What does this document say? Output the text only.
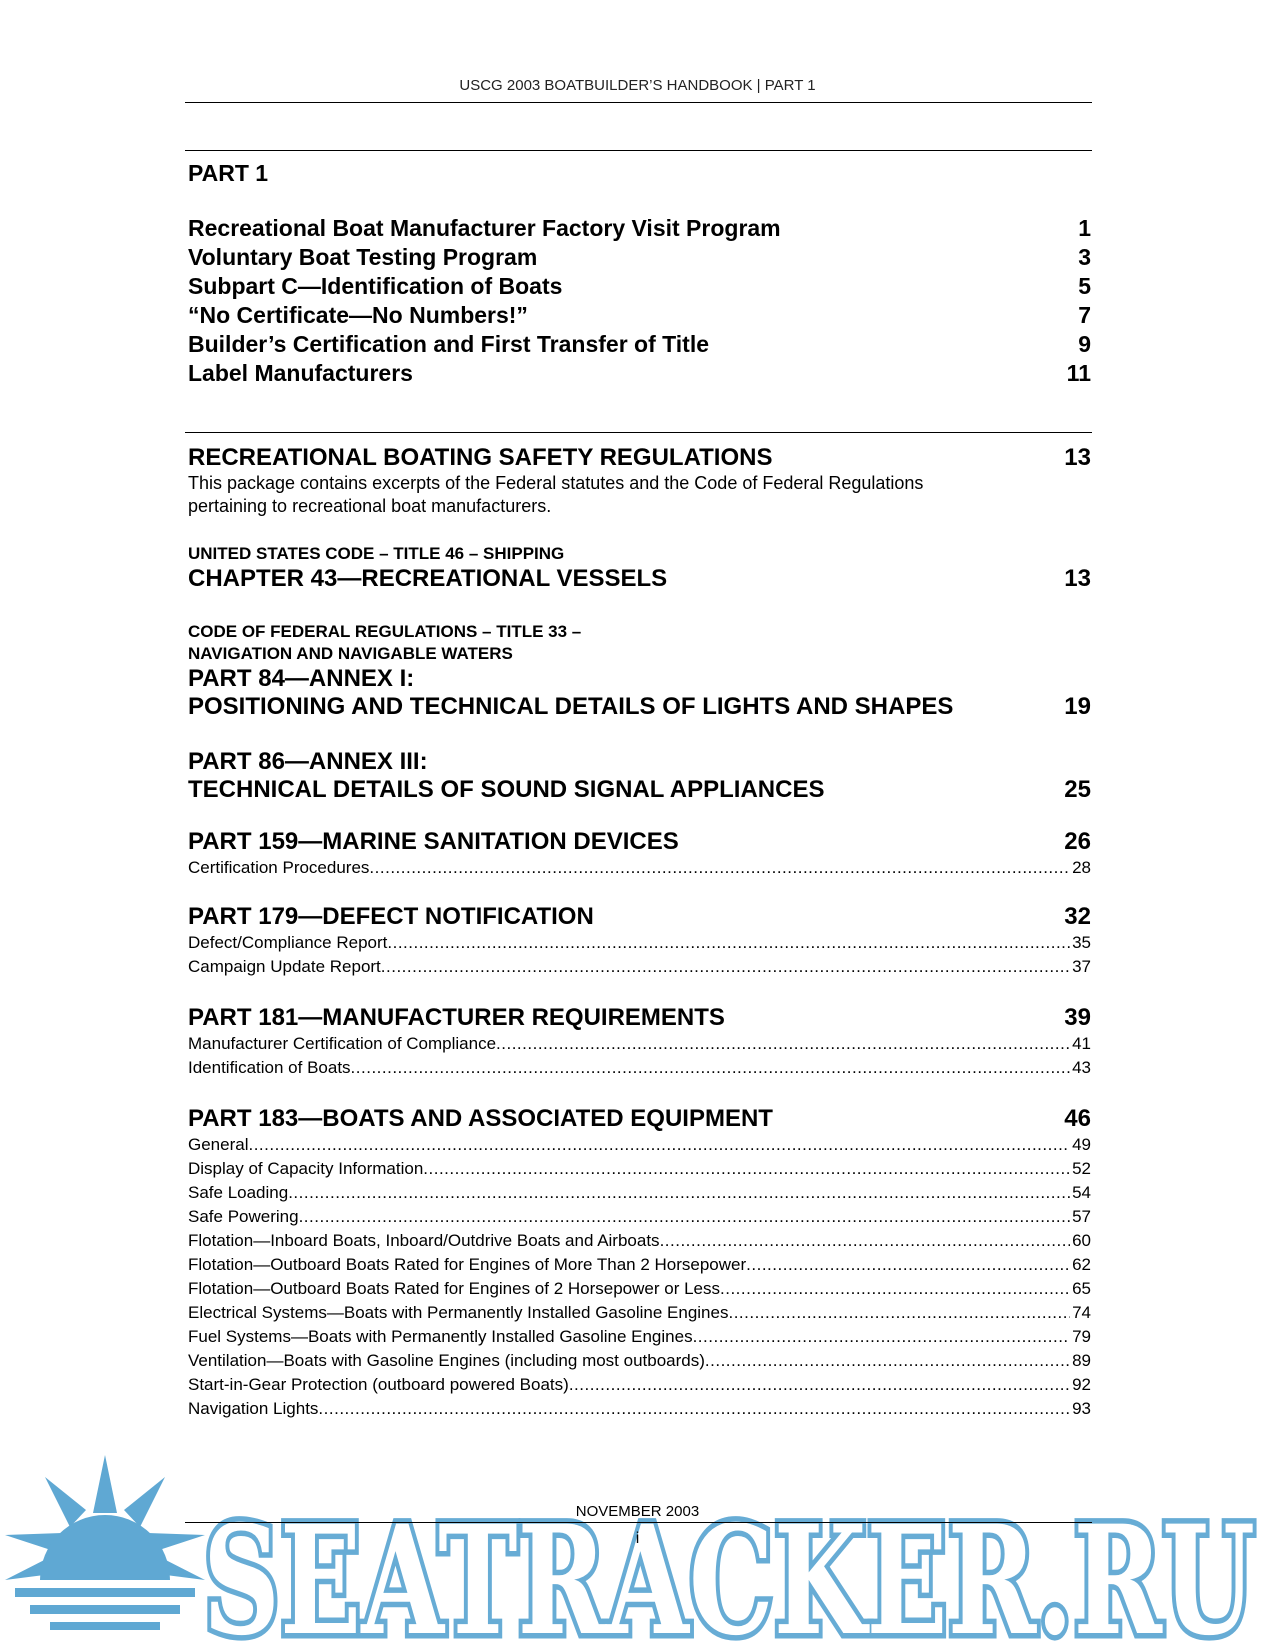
USCG 2003 BOATBUILDER’S HANDBOOK | PART 1
PART 1
Recreational Boat Manufacturer Factory Visit Program	1
Voluntary Boat Testing Program	3
Subpart C—Identification of Boats	5
“No Certificate—No Numbers!”	7
Builder’s Certification and First Transfer of Title	9
Label Manufacturers	11
RECREATIONAL BOATING SAFETY REGULATIONS	13
This package contains excerpts of the Federal statutes and the Code of Federal Regulations
pertaining to recreational boat manufacturers.
UNITED STATES CODE – TITLE 46 – SHIPPING
CHAPTER 43—RECREATIONAL VESSELS	13
CODE OF FEDERAL REGULATIONS – TITLE 33 –
NAVIGATION AND NAVIGABLE WATERS
PART 84—ANNEX I:
POSITIONING AND TECHNICAL DETAILS OF LIGHTS AND SHAPES	19
PART 86—ANNEX III:
TECHNICAL DETAILS OF SOUND SIGNAL APPLIANCES	25
PART 159—MARINE SANITATION DEVICES	26
Certification Procedures .....	28
PART 179—DEFECT NOTIFICATION	32
Defect/Compliance Report .....	35
Campaign Update Report .....	37
PART 181—MANUFACTURER REQUIREMENTS	39
Manufacturer Certification of Compliance .....	41
Identification of Boats .....	43
PART 183—BOATS AND ASSOCIATED EQUIPMENT	46
General .....	49
Display of Capacity Information .....	52
Safe Loading .....	54
Safe Powering .....	57
Flotation—Inboard Boats, Inboard/Outdrive Boats and Airboats .....	60
Flotation—Outboard Boats Rated for Engines of More Than 2 Horsepower .....	62
Flotation—Outboard Boats Rated for Engines of 2 Horsepower or Less .....	65
Electrical Systems—Boats with Permanently Installed Gasoline Engines .....	74
Fuel Systems—Boats with Permanently Installed Gasoline Engines .....	79
Ventilation—Boats with Gasoline Engines (including most outboards) .....	89
Start-in-Gear Protection (outboard powered Boats) .....	92
Navigation Lights .....	93
SEATRACKER.RU
NOVEMBER 2003
i
